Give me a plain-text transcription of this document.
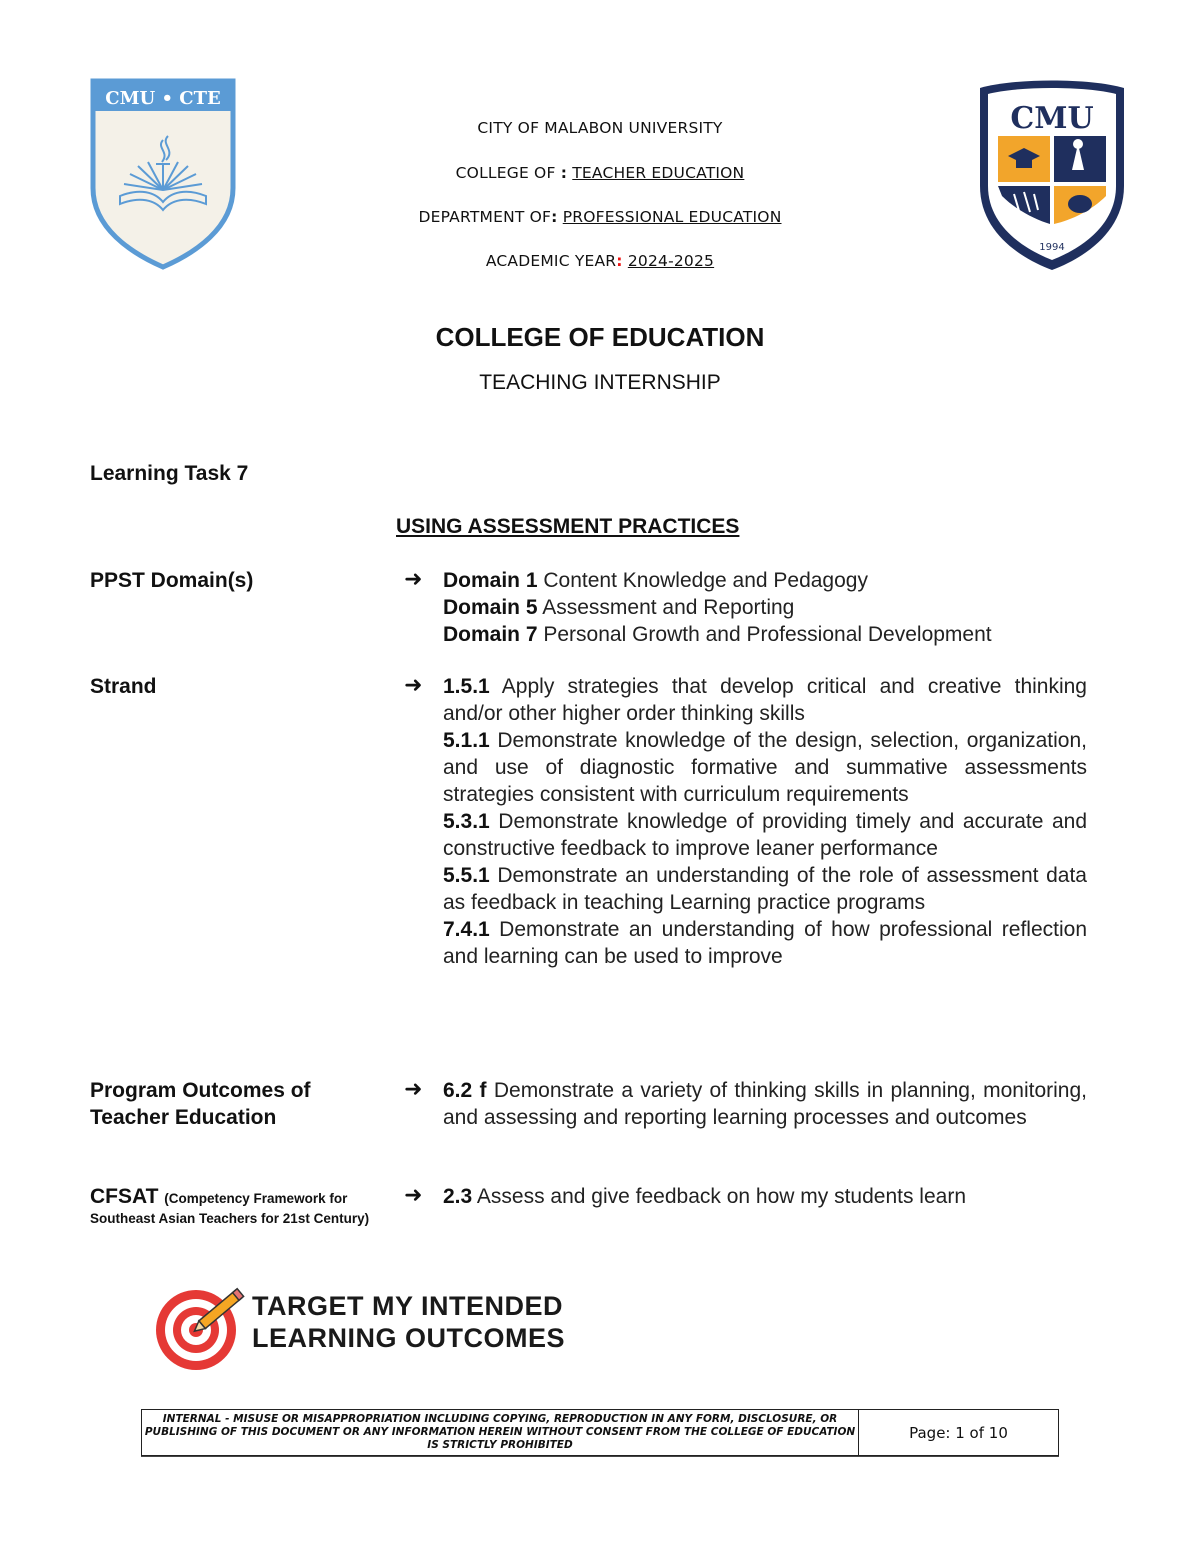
CMU • CTE
CMU
1994
CITY OF MALABON UNIVERSITY
COLLEGE OF : TEACHER EDUCATION
DEPARTMENT OF: PROFESSIONAL EDUCATION
ACADEMIC YEAR: 2024-2025
COLLEGE OF EDUCATION
TEACHING INTERNSHIP
Learning Task 7
USING ASSESSMENT PRACTICES
PPST Domain(s)	➜ Domain 1 Content Knowledge and Pedagogy
Domain 5 Assessment and Reporting
Domain 7 Personal Growth and Professional Development
Strand	➜ 1.5.1 Apply strategies that develop critical and creative thinking and/or other higher order thinking skills

5.1.1 Demonstrate knowledge of the design, selection, organization, and use of diagnostic formative and summative assessments strategies consistent with curriculum requirements

5.3.1 Demonstrate knowledge of providing timely and accurate and constructive feedback to improve leaner performance

5.5.1 Demonstrate an understanding of the role of assessment data as feedback in teaching Learning practice programs

7.4.1 Demonstrate an understanding of how professional reflection and learning can be used to improve

Program Outcomes of
Teacher Education
➜ 6.2 f Demonstrate a variety of thinking skills in planning, monitoring, and assessing and reporting learning processes and outcomes

CFSAT (Competency Framework for
Southeast Asian Teachers for 21st Century)
➜ 2.3 Assess and give feedback on how my students learn

TARGET MY INTENDED
LEARNING OUTCOMES
INTERNAL - MISUSE OR MISAPPROPRIATION INCLUDING COPYING, REPRODUCTION IN ANY FORM, DISCLOSURE, OR PUBLISHING OF THIS DOCUMENT OR ANY INFORMATION HEREIN WITHOUT CONSENT FROM THE COLLEGE OF EDUCATION IS STRICTLY PROHIBITED	Page: 1 of 10
